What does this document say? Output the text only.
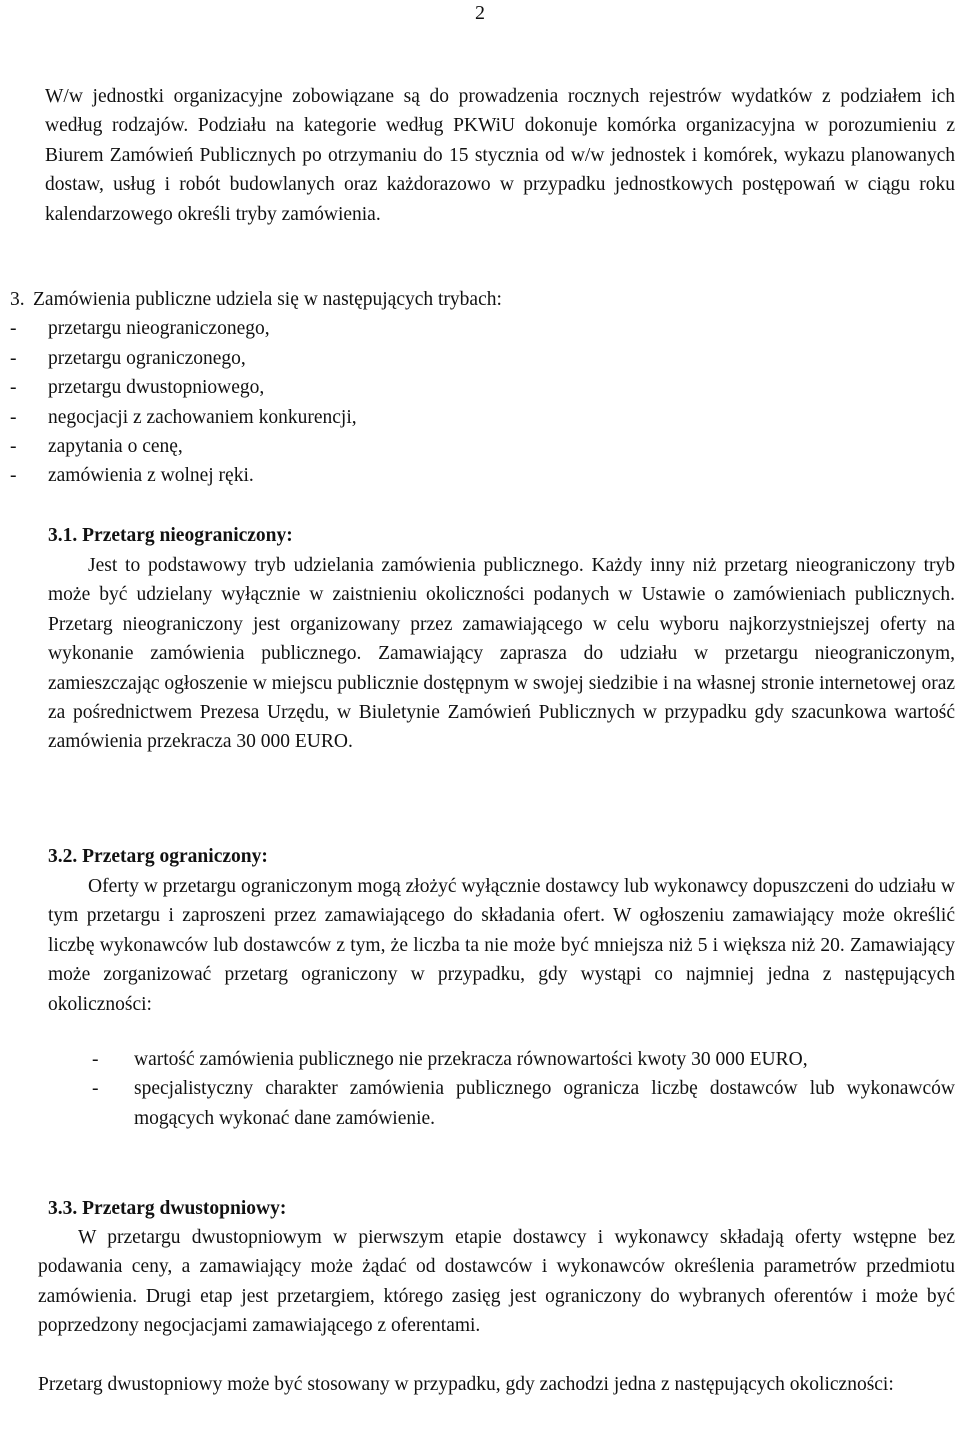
2
W/w jednostki organizacyjne zobowiązane są do prowadzenia rocznych rejestrów wydatków z podziałem ich według rodzajów. Podziału na kategorie według PKWiU dokonuje komórka organizacyjna w porozumieniu z Biurem Zamówień Publicznych po otrzymaniu do 15 stycznia od w/w jednostek i komórek, wykazu planowanych dostaw, usług i robót budowlanych oraz każdorazowo w przypadku jednostkowych postępowań w ciągu roku kalendarzowego określi tryby zamówienia.
3. Zamówienia publiczne udziela się w następujących trybach:
-	przetargu nieograniczonego,
-	przetargu ograniczonego,
-	przetargu dwustopniowego,
-	negocjacji z zachowaniem konkurencji,
-	zapytania o cenę,
-	zamówienia z wolnej ręki.
3.1. Przetarg nieograniczony:
Jest to podstawowy tryb udzielania zamówienia publicznego. Każdy inny niż przetarg nieograniczony tryb może być udzielany wyłącznie w zaistnieniu okoliczności podanych w Ustawie o zamówieniach publicznych. Przetarg nieograniczony jest organizowany przez zamawiającego w celu wyboru najkorzystniejszej oferty na wykonanie zamówienia publicznego. Zamawiający zaprasza do udziału w przetargu nieograniczonym, zamieszczając ogłoszenie w miejscu publicznie dostępnym w swojej siedzibie i na własnej stronie internetowej oraz za pośrednictwem Prezesa Urzędu, w Biuletynie Zamówień Publicznych w przypadku gdy szacunkowa wartość zamówienia przekracza 30 000 EURO.
3.2. Przetarg ograniczony:
Oferty w przetargu ograniczonym mogą złożyć wyłącznie dostawcy lub wykonawcy dopuszczeni do udziału w tym przetargu i zaproszeni przez zamawiającego do składania ofert. W ogłoszeniu zamawiający może określić liczbę wykonawców lub dostawców z tym, że liczba ta nie może być mniejsza niż 5 i większa niż 20. Zamawiający może zorganizować przetarg ograniczony w przypadku, gdy wystąpi co najmniej jedna z następujących okoliczności:
- wartość zamówienia publicznego nie przekracza równowartości kwoty 30 000 EURO,
- specjalistyczny charakter zamówienia publicznego ogranicza liczbę dostawców lub wykonawców mogących wykonać dane zamówienie.
3.3. Przetarg dwustopniowy:
W przetargu dwustopniowym w pierwszym etapie dostawcy i wykonawcy składają oferty wstępne bez podawania ceny, a zamawiający może żądać od dostawców i wykonawców określenia parametrów przedmiotu zamówienia. Drugi etap jest przetargiem, którego zasięg jest ograniczony do wybranych oferentów i może być poprzedzony negocjacjami zamawiającego z oferentami.
Przetarg dwustopniowy może być stosowany w przypadku, gdy zachodzi jedna z następujących okoliczności:
